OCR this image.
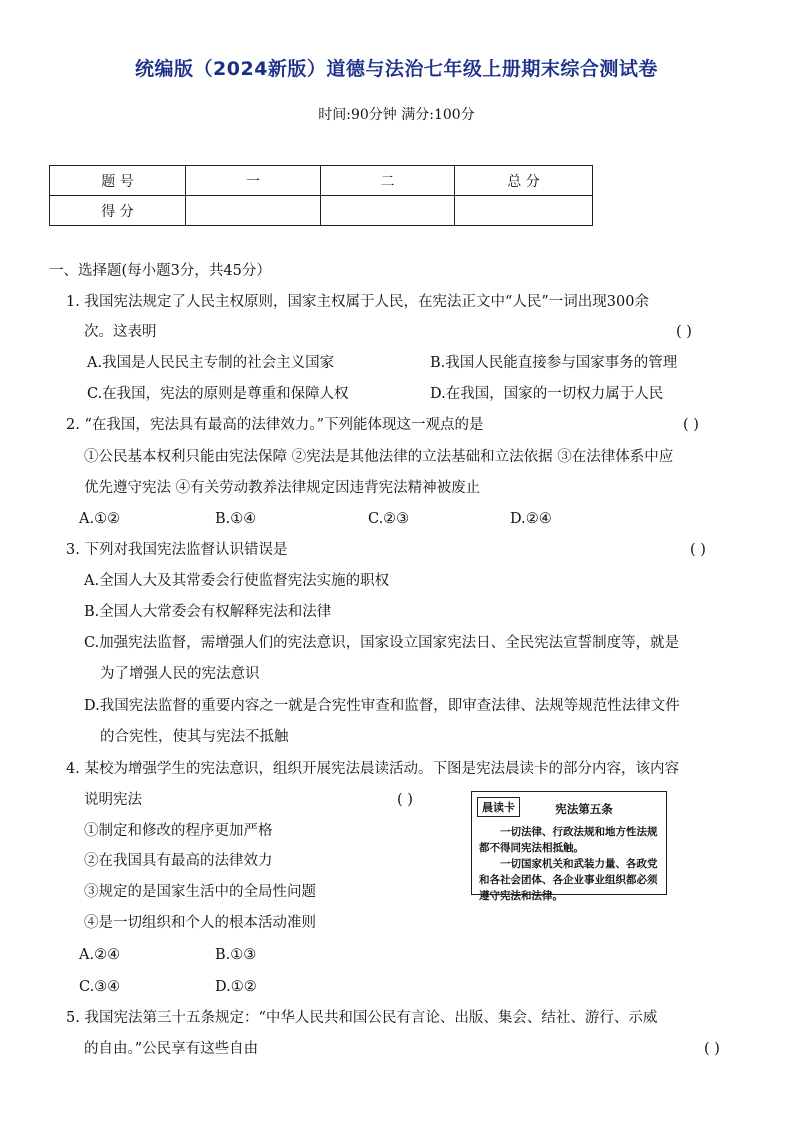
统编版（2024新版）道德与法治七年级上册期末综合测试卷
时间:90分钟 满分:100分
题 号	一	二	总 分
得 分			
一、选择题(每小题3分，共45分）
1. 我国宪法规定了人民主权原则，国家主权属于人民，在宪法正文中“人民”一词出现300余
次。这表明	( )
A.我国是人民民主专制的社会主义国家	B.我国人民能直接参与国家事务的管理
C.在我国，宪法的原则是尊重和保障人权	D.在我国，国家的一切权力属于人民
2. “在我国，宪法具有最高的法律效力。”下列能体现这一观点的是	( )
①公民基本权利只能由宪法保障 ②宪法是其他法律的立法基础和立法依据 ③在法律体系中应
优先遵守宪法 ④有关劳动教养法律规定因违背宪法精神被废止
A.①②	B.①④	C.②③	D.②④
3. 下列对我国宪法监督认识错误是	( )
A.全国人大及其常委会行使监督宪法实施的职权
B.全国人大常委会有权解释宪法和法律
C.加强宪法监督，需增强人们的宪法意识，国家设立国家宪法日、全民宪法宣誓制度等，就是
为了增强人民的宪法意识
D.我国宪法监督的重要内容之一就是合宪性审查和监督，即审查法律、法规等规范性法律文件
的合宪性，使其与宪法不抵触
4. 某校为增强学生的宪法意识，组织开展宪法晨读活动。下图是宪法晨读卡的部分内容，该内容
说明宪法	( )
①制定和修改的程序更加严格
②在我国具有最高的法律效力
③规定的是国家生活中的全局性问题
④是一切组织和个人的根本活动准则
A.②④	B.①③
C.③④	D.①②
晨读卡	宪法第五条

一切法律、行政法规和地方性法规都不得同宪法相抵触。

一切国家机关和武装力量、各政党和各社会团体、各企业事业组织都必须遵守宪法和法律。

5. 我国宪法第三十五条规定：“中华人民共和国公民有言论、出版、集会、结社、游行、示威
的自由。”公民享有这些自由	( )
